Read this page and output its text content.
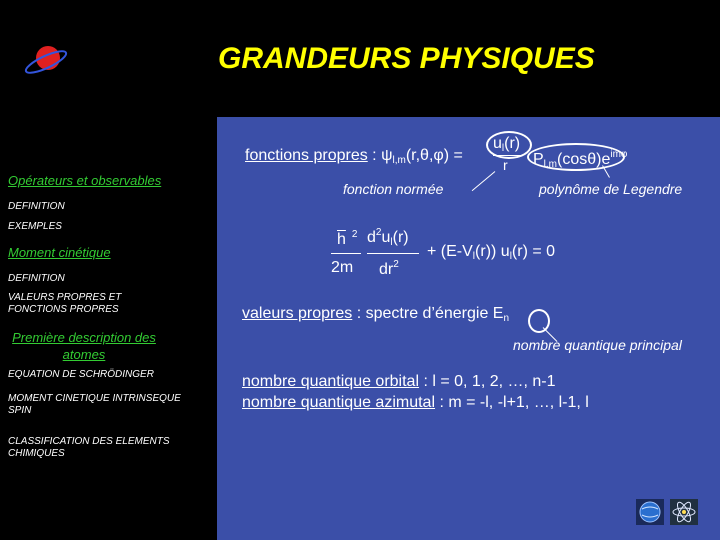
GRANDEURS PHYSIQUES
Opérateurs et observables
DEFINITION
EXEMPLES
Moment cinétique
DEFINITION
VALEURS PROPRES ET FONCTIONS PROPRES
Première description des atomes
EQUATION DE SCHRÖDINGER
MOMENT CINETIQUE INTRINSEQUE SPIN
CLASSIFICATION DES ELEMENTS CHIMIQUES
fonctions propres : $\psi_{l,m}(r,\theta,\varphi)$ =
$u_l(r)$
r $P_{l,m}(\cos\theta)e^{im\varphi}$
fonction normée	polynôme de Legendre
$\overline{h}$ $^2$ $d^2u_l(r)$
2m $dr^2$
+ $(E-V_l(r)) u_l(r) = 0$
valeurs propres : spectre d’énergie $E_n$
nombre quantique principal
nombre quantique orbital : l = 0, 1, 2, …, n-1
nombre quantique azimutal : m = -l, -l+1, …, l-1, l
